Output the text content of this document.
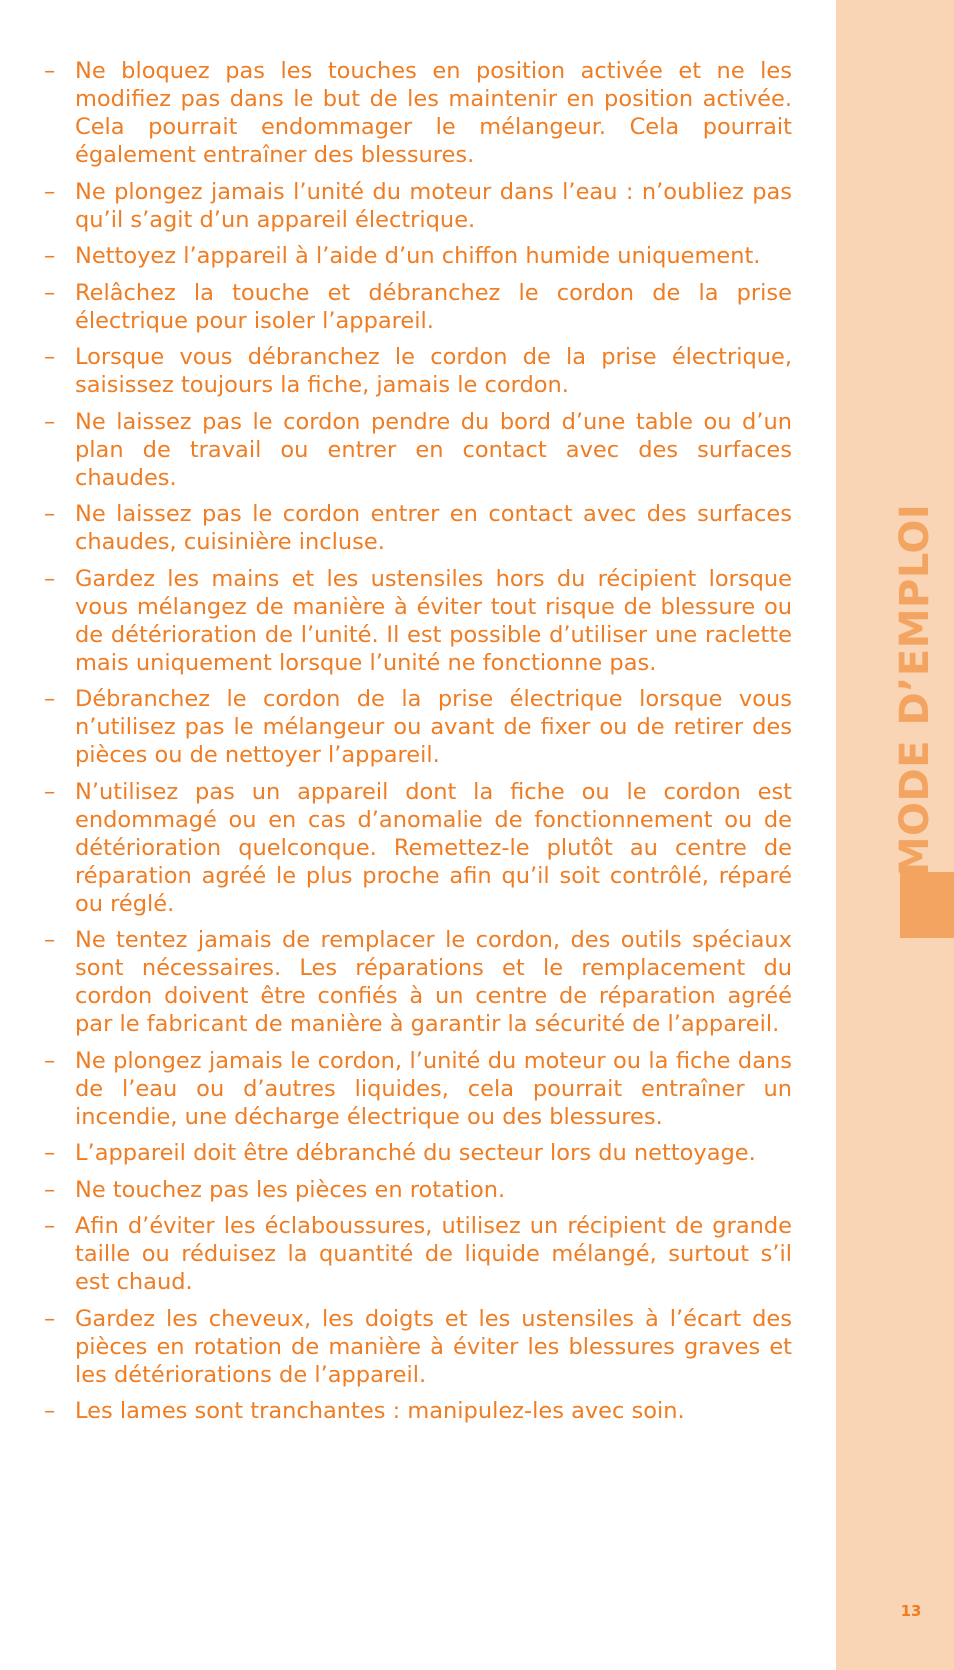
– Ne bloquez pas les touches en position activée et ne les modifiez pas dans le but de les maintenir en position activée. Cela pourrait endommager le mélangeur. Cela pourrait également entraîner des blessures.
– Ne plongez jamais l’unité du moteur dans l’eau : n’oubliez pas qu’il s’agit d’un appareil électrique.
– Nettoyez l’appareil à l’aide d’un chiffon humide uniquement.
– Relâchez la touche et débranchez le cordon de la prise électrique pour isoler l’appareil.
– Lorsque vous débranchez le cordon de la prise électrique, saisissez toujours la fiche, jamais le cordon.
– Ne laissez pas le cordon pendre du bord d’une table ou d’un plan de travail ou entrer en contact avec des surfaces chaudes.
– Ne laissez pas le cordon entrer en contact avec des surfaces chaudes, cuisinière incluse.
– Gardez les mains et les ustensiles hors du récipient lorsque vous mélangez de manière à éviter tout risque de blessure ou de détérioration de l’unité. Il est possible d’utiliser une raclette mais uniquement lorsque l’unité ne fonctionne pas.
– Débranchez le cordon de la prise électrique lorsque vous n’utilisez pas le mélangeur ou avant de fixer ou de retirer des pièces ou de nettoyer l’appareil.
– N’utilisez pas un appareil dont la fiche ou le cordon est endommagé ou en cas d’anomalie de fonctionnement ou de détérioration quelconque. Remettez-le plutôt au centre de réparation agréé le plus proche afin qu’il soit contrôlé, réparé ou réglé.
– Ne tentez jamais de remplacer le cordon, des outils spéciaux sont nécessaires. Les réparations et le remplacement du cordon doivent être confiés à un centre de réparation agréé par le fabricant de manière à garantir la sécurité de l’appareil.
– Ne plongez jamais le cordon, l’unité du moteur ou la fiche dans de l’eau ou d’autres liquides, cela pourrait entraîner un incendie, une décharge électrique ou des blessures.
– L’appareil doit être débranché du secteur lors du nettoyage.
– Ne touchez pas les pièces en rotation.
– Afin d’éviter les éclaboussures, utilisez un récipient de grande taille ou réduisez la quantité de liquide mélangé, surtout s’il est chaud.
– Gardez les cheveux, les doigts et les ustensiles à l’écart des pièces en rotation de manière à éviter les blessures graves et les détériorations de l’appareil.
– Les lames sont tranchantes : manipulez-les avec soin.
MODE D’EMPLOI
13
